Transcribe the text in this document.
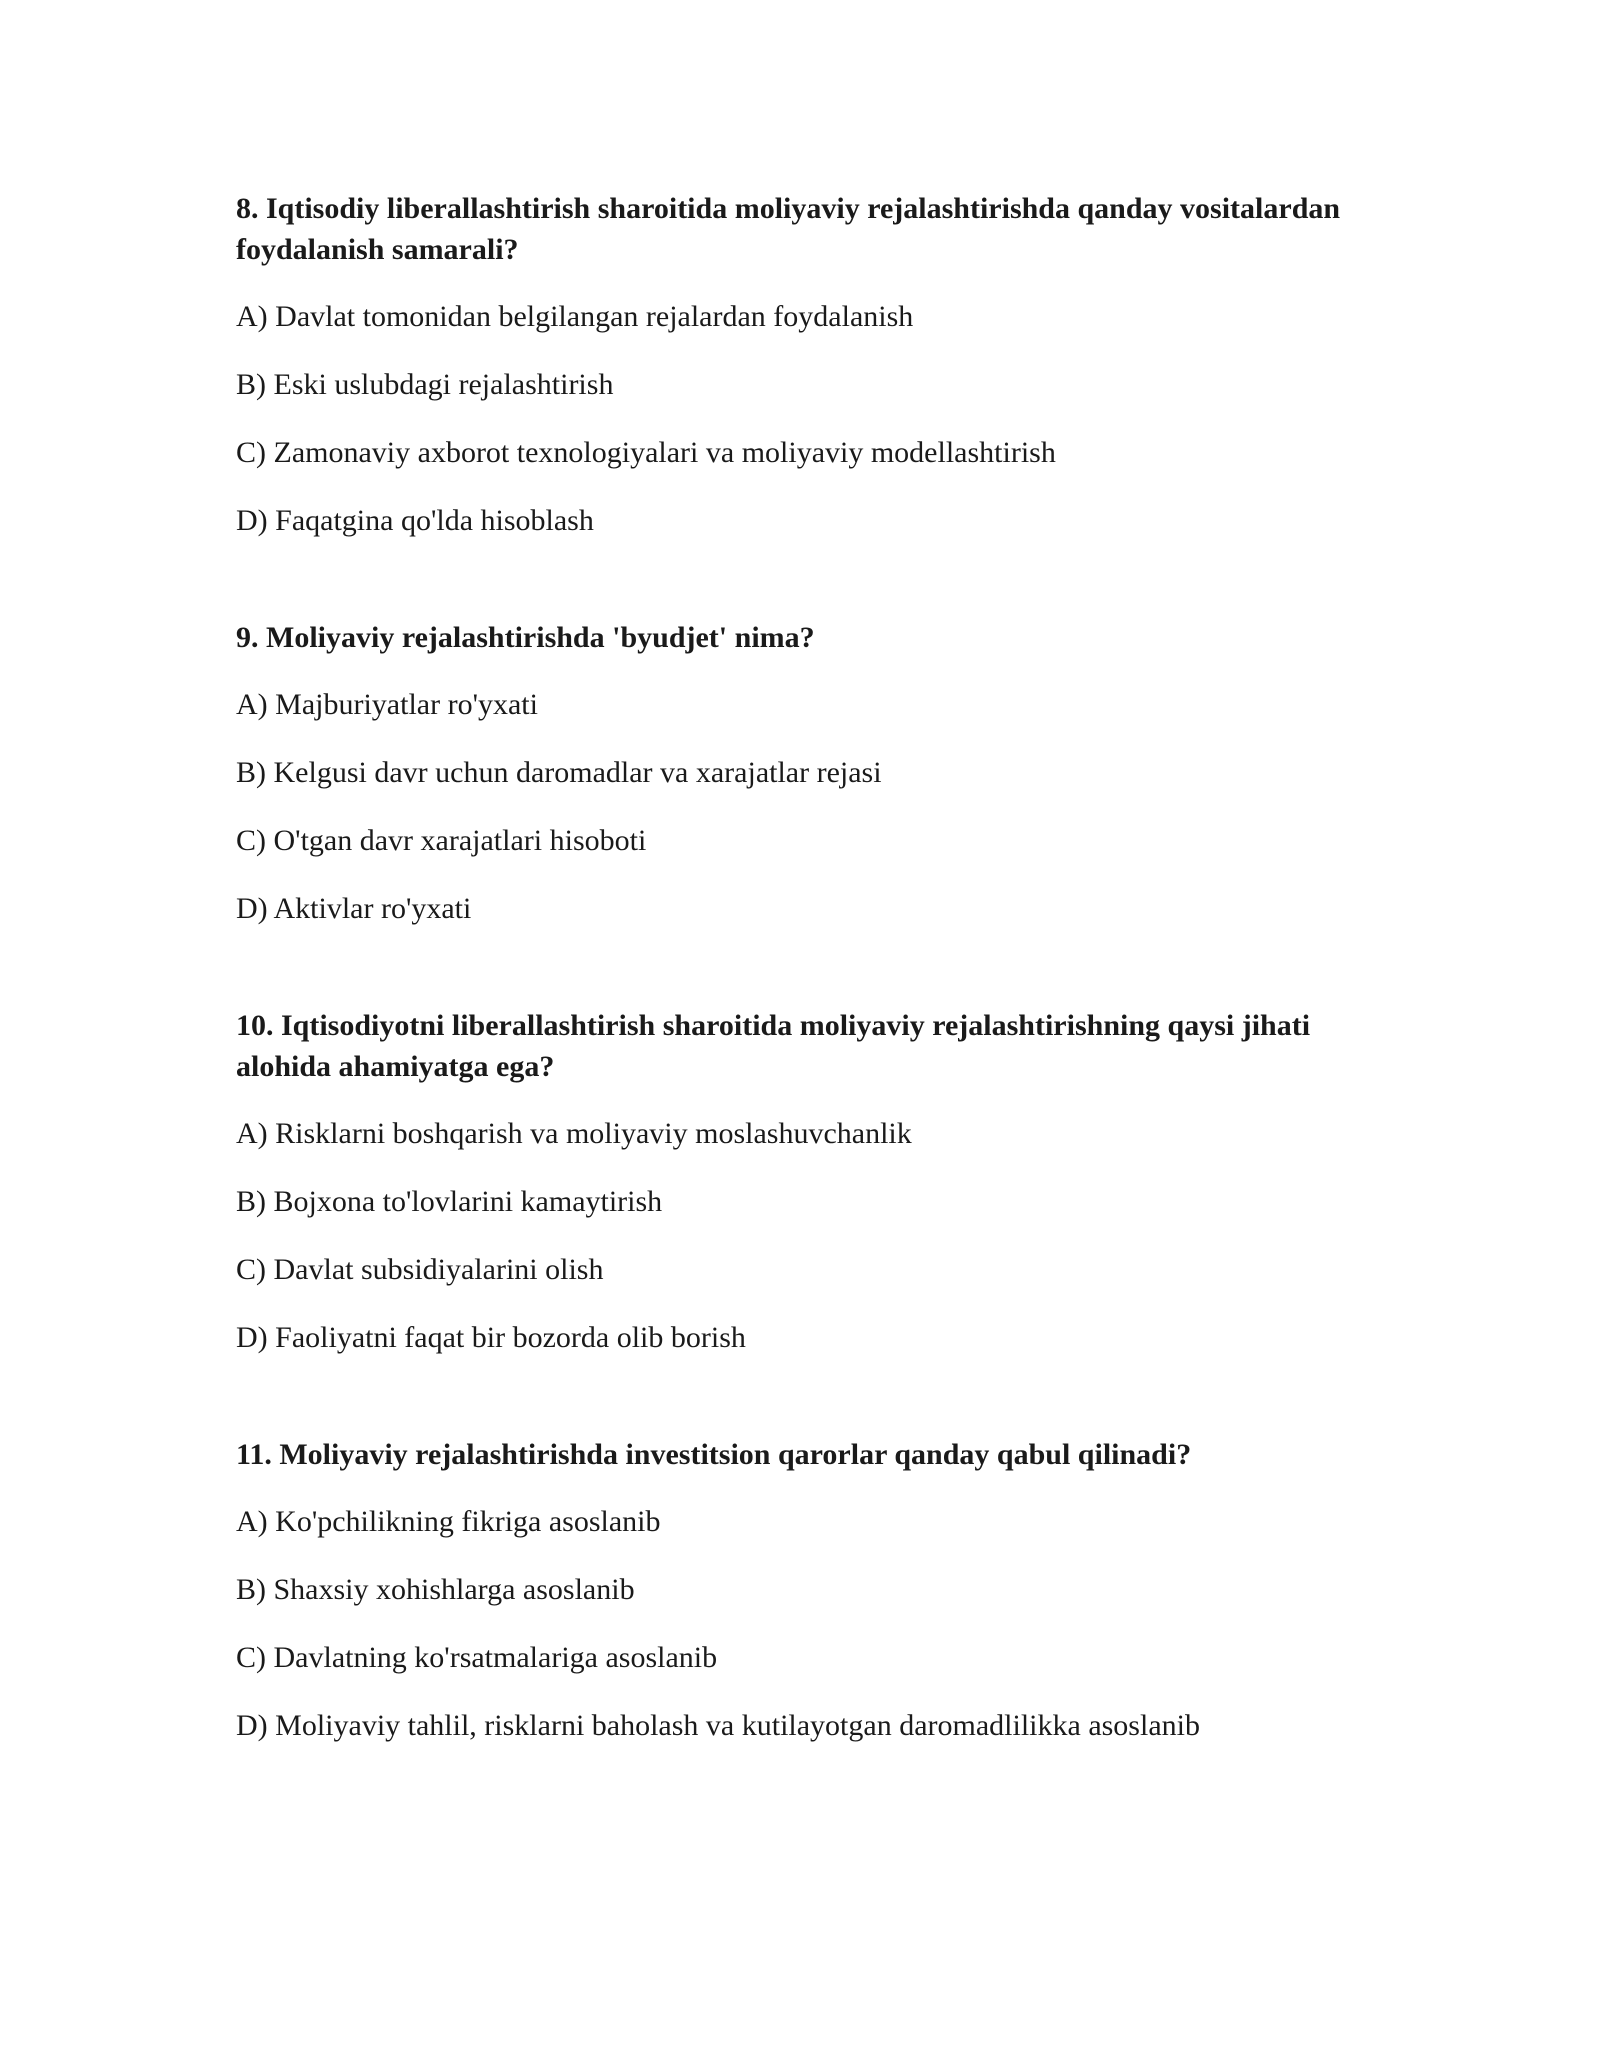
8. Iqtisodiy liberallashtirish sharoitida moliyaviy rejalashtirishda qanday vositalardan foydalanish samarali?

A) Davlat tomonidan belgilangan rejalardan foydalanish

B) Eski uslubdagi rejalashtirish

C) Zamonaviy axborot texnologiyalari va moliyaviy modellashtirish

D) Faqatgina qo'lda hisoblash

9. Moliyaviy rejalashtirishda 'byudjet' nima?

A) Majburiyatlar ro'yxati

B) Kelgusi davr uchun daromadlar va xarajatlar rejasi

C) O'tgan davr xarajatlari hisoboti

D) Aktivlar ro'yxati

10. Iqtisodiyotni liberallashtirish sharoitida moliyaviy rejalashtirishning qaysi jihati alohida ahamiyatga ega?

A) Risklarni boshqarish va moliyaviy moslashuvchanlik

B) Bojxona to'lovlarini kamaytirish

C) Davlat subsidiyalarini olish

D) Faoliyatni faqat bir bozorda olib borish

11. Moliyaviy rejalashtirishda investitsion qarorlar qanday qabul qilinadi?

A) Ko'pchilikning fikriga asoslanib

B) Shaxsiy xohishlarga asoslanib

C) Davlatning ko'rsatmalariga asoslanib

D) Moliyaviy tahlil, risklarni baholash va kutilayotgan daromadlilikka asoslanib
